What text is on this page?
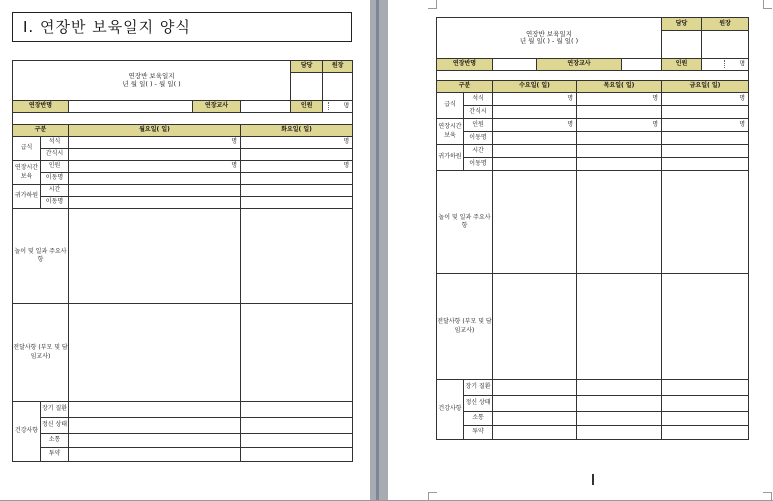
Ⅰ. 연장반 보육일지 양식
연장반 보육일지
년 월 일( ) - 월 일( )					담당	원장

연장반명			연장교사		인원	명

구분		월요일( 일)		화요일( 일)		
급식	석식	명		명		
	간식시					
연장시간보육	인원	명		명		
	이동명					
귀가하원	시간					
	이동명					
놀이 및 일과 주요사항						
전달사항 (부모 및 담임교사)						
건강사항	장기 질환					
	정신 상태					
	소통					
	투약					
연장반 보육일지
년 월 일( ) - 월 일( )						담당	원장

연장반명			연장교사			인원	명

구분		수요일( 일)		목요일( 일)		금요일( 일)	
급식	석식	명		명		명	
	간식시						
연장시간보육	인원	명		명		명	
	이동명						
귀가하원	시간						
	이동명						
놀이 및 일과 주요사항							
전달사항 (부모 및 담임교사)							
건강사항	장기 질환						
	정신 상태						
	소통						
	투약						
